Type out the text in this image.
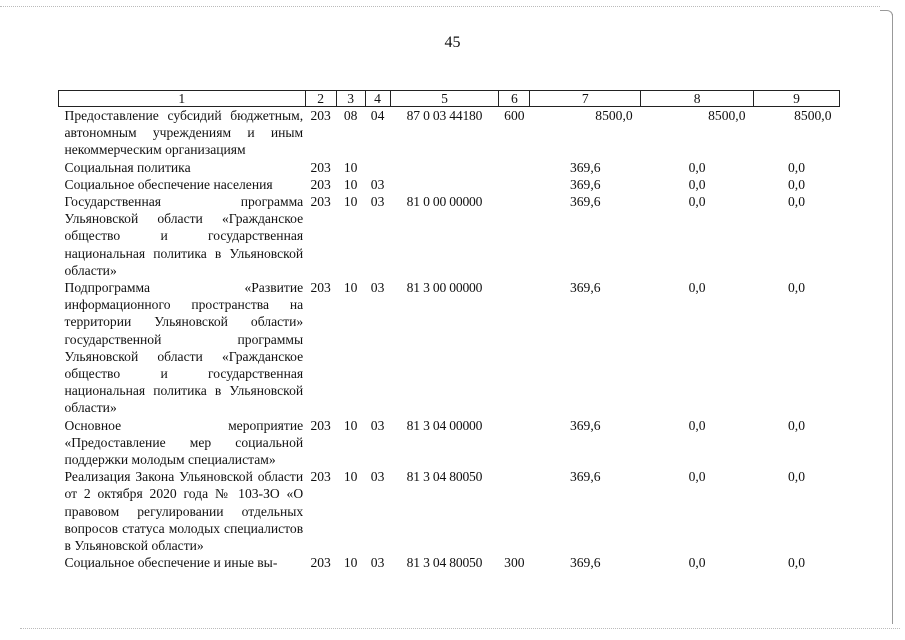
45
1	2	3	4	5	6	7	8	9
Предоставление субсидий бюджетным, автономным учреждениям и иным некоммерческим организациям	203	08	04	87 0 03 44180	600	8500,0	8500,0	8500,0
Социальная политика	203	10				369,6	0,0	0,0
Социальное обеспечение населения	203	10	03			369,6	0,0	0,0
Государственная программа Ульяновской области «Гражданское общество и государственная национальная политика в Ульяновской области»	203	10	03	81 0 00 00000		369,6	0,0	0,0
Подпрограмма «Развитие информационного пространства на территории Ульяновской области» государственной программы Ульяновской области «Гражданское общество и государственная национальная политика в Ульяновской области»	203	10	03	81 3 00 00000		369,6	0,0	0,0
Основное мероприятие «Предоставление мер социальной поддержки молодым специалистам»	203	10	03	81 3 04 00000		369,6	0,0	0,0
Реализация Закона Ульяновской области от 2 октября 2020 года № 103-ЗО «О правовом регулировании отдельных вопросов статуса молодых специалистов в Ульяновской области»	203	10	03	81 3 04 80050		369,6	0,0	0,0
Социальное обеспечение и иные вы-	203	10	03	81 3 04 80050	300	369,6	0,0	0,0
